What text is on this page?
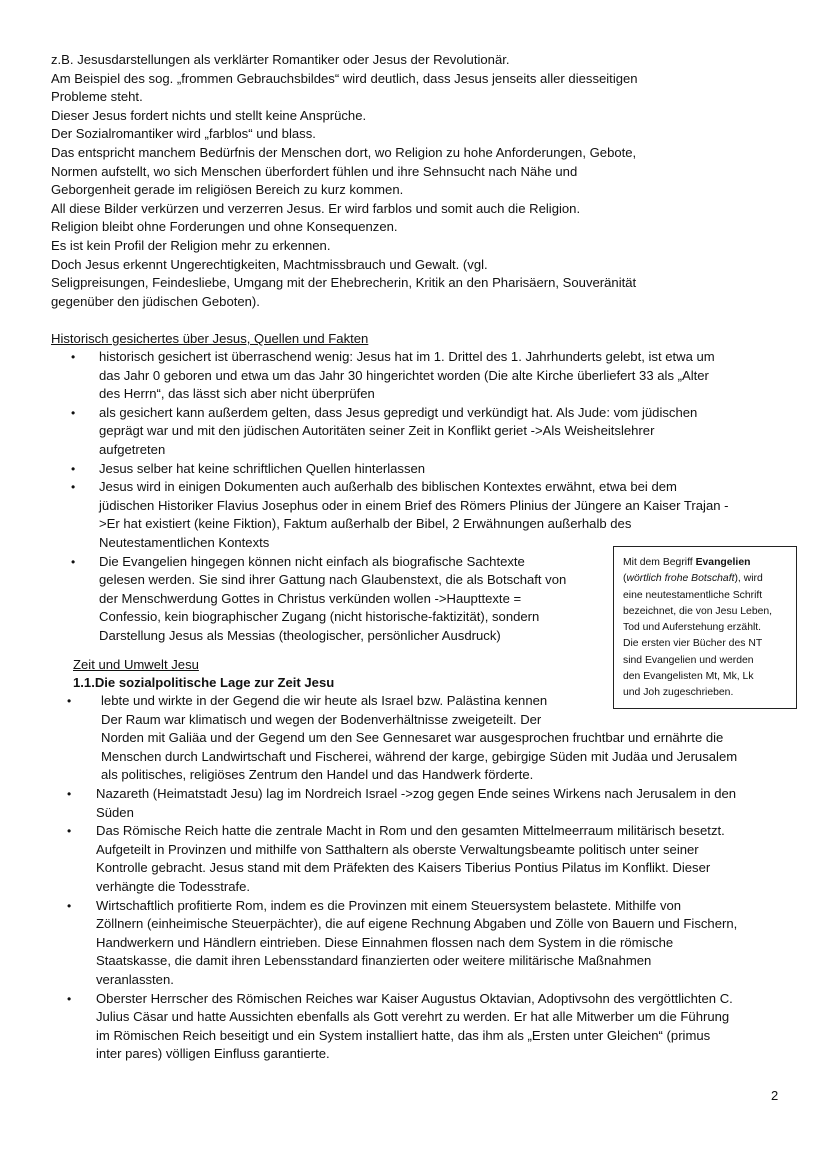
z.B. Jesusdarstellungen als verklärter Romantiker oder Jesus der Revolutionär.
Am Beispiel des sog. „frommen Gebrauchsbildes“ wird deutlich, dass Jesus jenseits aller diesseitigen
Probleme steht.
Dieser Jesus fordert nichts und stellt keine Ansprüche.
Der Sozialromantiker wird „farblos“ und blass.
Das entspricht manchem Bedürfnis der Menschen dort, wo Religion zu hohe Anforderungen, Gebote,
Normen aufstellt, wo sich Menschen überfordert fühlen und ihre Sehnsucht nach Nähe und
Geborgenheit gerade im religiösen Bereich zu kurz kommen.
All diese Bilder verkürzen und verzerren Jesus. Er wird farblos und somit auch die Religion.
Religion bleibt ohne Forderungen und ohne Konsequenzen.
Es ist kein Profil der Religion mehr zu erkennen.
Doch Jesus erkennt Ungerechtigkeiten, Machtmissbrauch und Gewalt. (vgl.
Seligpreisungen, Feindesliebe, Umgang mit der Ehebrecherin, Kritik an den Pharisäern, Souveränität
gegenüber den jüdischen Geboten).
Historisch gesichertes über Jesus, Quellen und Fakten
• historisch gesichert ist überraschend wenig: Jesus hat im 1. Drittel des 1. Jahrhunderts gelebt, ist etwa um
das Jahr 0 geboren und etwa um das Jahr 30 hingerichtet worden (Die alte Kirche überliefert 33 als „Alter
des Herrn“, das lässt sich aber nicht überprüfen
• als gesichert kann außerdem gelten, dass Jesus gepredigt und verkündigt hat. Als Jude: vom jüdischen
geprägt war und mit den jüdischen Autoritäten seiner Zeit in Konflikt geriet ->Als Weisheitslehrer
aufgetreten
• Jesus selber hat keine schriftlichen Quellen hinterlassen
• Jesus wird in einigen Dokumenten auch außerhalb des biblischen Kontextes erwähnt, etwa bei dem
jüdischen Historiker Flavius Josephus oder in einem Brief des Römers Plinius der Jüngere an Kaiser Trajan -
>Er hat existiert (keine Fiktion), Faktum außerhalb der Bibel, 2 Erwähnungen außerhalb des
Neutestamentlichen Kontexts
• Die Evangelien hingegen können nicht einfach als biografische Sachtexte
gelesen werden. Sie sind ihrer Gattung nach Glaubenstext, die als Botschaft von
der Menschwerdung Gottes in Christus verkünden wollen ->Haupttexte =
Confessio, kein biographischer Zugang (nicht historische-faktizität), sondern
Darstellung Jesus als Messias (theologischer, persönlicher Ausdruck)
Zeit und Umwelt Jesu
1.1.Die sozialpolitische Lage zur Zeit Jesu
•	lebte und wirkte in der Gegend die wir heute als Israel bzw. Palästina kennen
Der Raum war klimatisch und wegen der Bodenverhältnisse zweigeteilt. Der
Norden mit Galiäa und der Gegend um den See Gennesaret war ausgesprochen fruchtbar und ernährte die
Menschen durch Landwirtschaft und Fischerei, während der karge, gebirgige Süden mit Judäa und Jerusalem
als politisches, religiöses Zentrum den Handel und das Handwerk förderte.
• Nazareth (Heimatstadt Jesu) lag im Nordreich Israel ->zog gegen Ende seines Wirkens nach Jerusalem in den
Süden
• Das Römische Reich hatte die zentrale Macht in Rom und den gesamten Mittelmeerraum militärisch besetzt.
Aufgeteilt in Provinzen und mithilfe von Satthaltern als oberste Verwaltungsbeamte politisch unter seiner
Kontrolle gebracht. Jesus stand mit dem Präfekten des Kaisers Tiberius Pontius Pilatus im Konflikt. Dieser
verhängte die Todesstrafe.
• Wirtschaftlich profitierte Rom, indem es die Provinzen mit einem Steuersystem belastete. Mithilfe von
Zöllnern (einheimische Steuerpächter), die auf eigene Rechnung Abgaben und Zölle von Bauern und Fischern,
Handwerkern und Händlern eintrieben. Diese Einnahmen flossen nach dem System in die römische
Staatskasse, die damit ihren Lebensstandard finanzierten oder weitere militärische Maßnahmen
veranlassten.
• Oberster Herrscher des Römischen Reiches war Kaiser Augustus Oktavian, Adoptivsohn des vergöttlichten C.
Julius Cäsar und hatte Aussichten ebenfalls als Gott verehrt zu werden. Er hat alle Mitwerber um die Führung
im Römischen Reich beseitigt und ein System installiert hatte, das ihm als „Ersten unter Gleichen“ (primus
inter pares) völligen Einfluss garantierte.
Mit dem Begriff Evangelien
(wörtlich frohe Botschaft), wird
eine neutestamentliche Schrift
bezeichnet, die von Jesu Leben,
Tod und Auferstehung erzählt.
Die ersten vier Bücher des NT
sind Evangelien und werden
den Evangelisten Mt, Mk, Lk
und Joh zugeschrieben.
2
